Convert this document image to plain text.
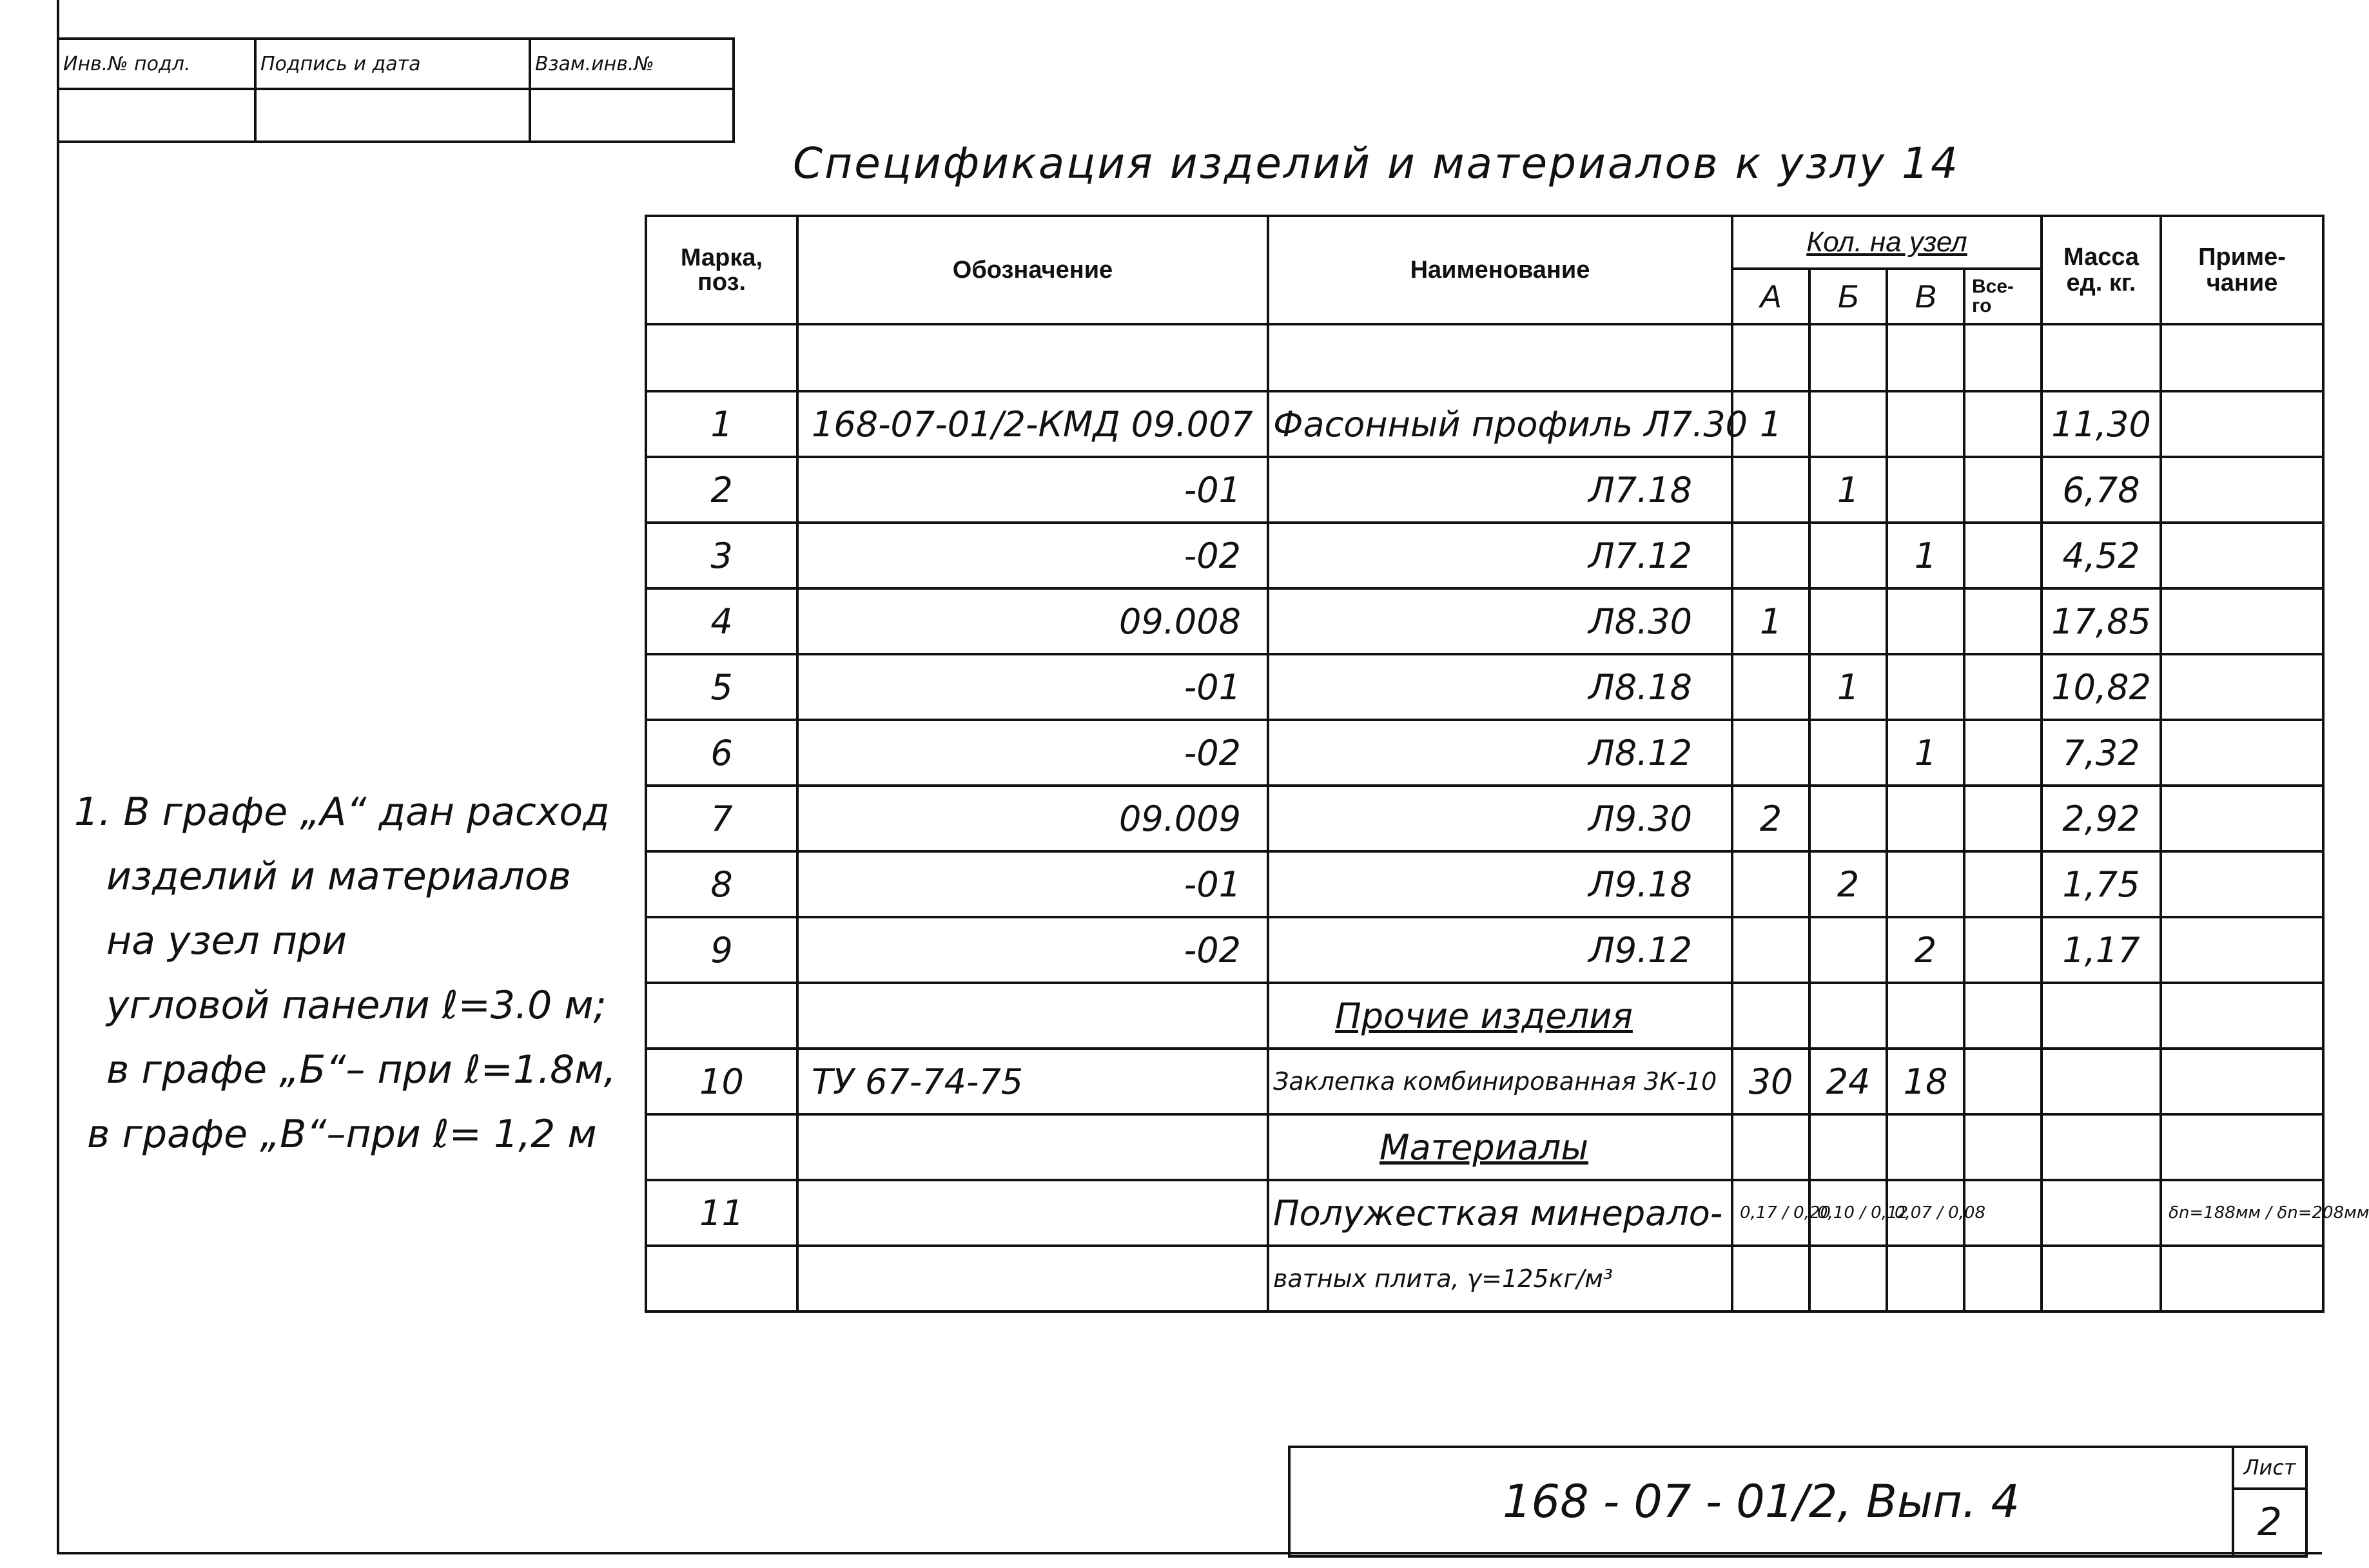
Инв.№ подл.	Подпись и дата	Взам.инв.№

Спецификация изделий и материалов к узлу 14
Марка, поз.	Обозначение	Наименование	Кол. на узел				Масса ед. кг.	Приме- чание
			А	Б	В	Все- го		

1	168-07-01/2-КМД 09.007	Фасонный профиль Л7.30	1				11,30	
2	-01	Л7.18		1			6,78	
3	-02	Л7.12			1		4,52	
4	09.008	Л8.30	1				17,85	
5	-01	Л8.18		1			10,82	
6	-02	Л8.12			1		7,32	
7	09.009	Л9.30	2				2,92	
8	-01	Л9.18		2			1,75	
9	-02	Л9.12			2		1,17	
		Прочие изделия						
10	ТУ 67-74-75	Заклепка комбинированная 3К-10	30	24	18			
		Материалы						
11		Полужесткая минерало-	0,17 / 0,20	0,10 / 0,12	0,07 / 0,08			δn=188мм / δn=208мм
		ватных плита, γ=125кг/м³						
1. В графе „А“ дан расход
изделий и материалов
на узел при
угловой панели ℓ=3.0 м;
в графе „Б“– при ℓ=1.8м,
в графе „В“–при ℓ= 1,2 м
168 - 07 - 01/2, Вып. 4	Лист
2
